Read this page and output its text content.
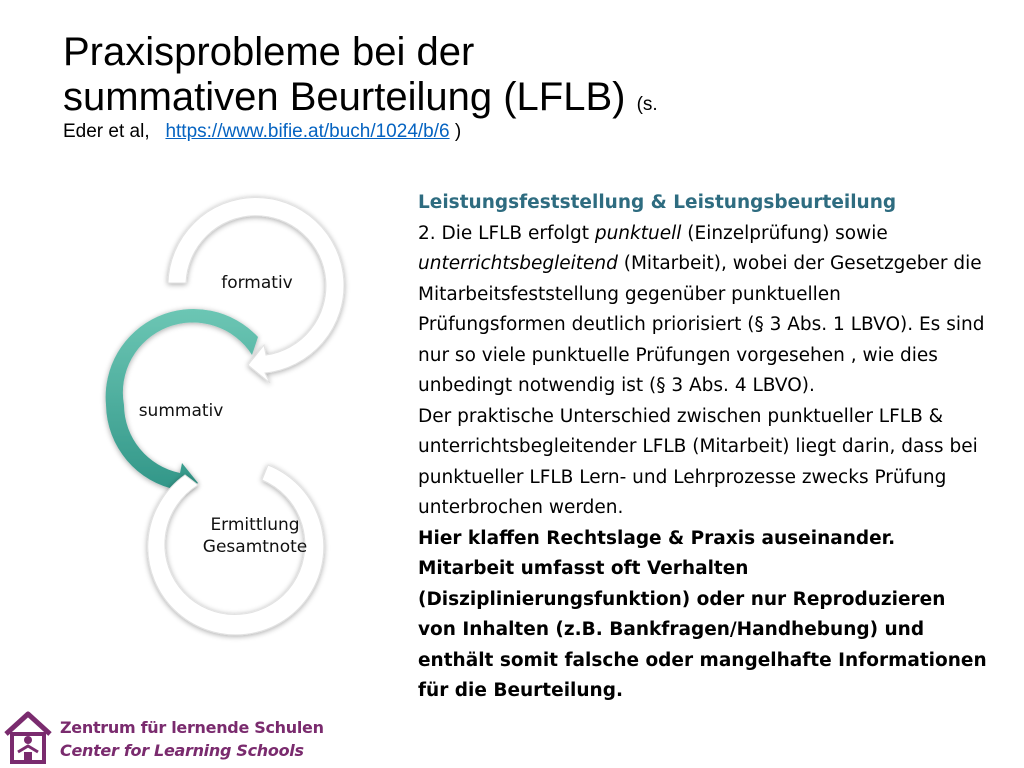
Praxisprobleme bei der
summativen Beurteilung (LFLB) (s.
Eder et al, https://www.bifie.at/buch/1024/b/6 )
formativ
summativ
Ermittlung Gesamtnote

Leistungsfeststellung & Leistungsbeurteilung

2. Die LFLB erfolgt punktuell (Einzelprüfung) sowie unterrichtsbegleitend (Mitarbeit), wobei der Gesetzgeber die Mitarbeitsfeststellung gegenüber punktuellen Prüfungsformen deutlich priorisiert (§ 3 Abs. 1 LBVO). Es sind nur so viele punktuelle Prüfungen vorgesehen , wie dies unbedingt notwendig ist (§ 3 Abs. 4 LBVO).

Der praktische Unterschied zwischen punktueller LFLB & unterrichtsbegleitender LFLB (Mitarbeit) liegt darin, dass bei punktueller LFLB Lern- und Lehrprozesse zwecks Prüfung unterbrochen werden.

Hier klaffen Rechtslage & Praxis auseinander. Mitarbeit umfasst oft Verhalten (Disziplinierungsfunktion) oder nur Reproduzieren von Inhalten (z.B. Bankfragen/Handhebung) und enthält somit falsche oder mangelhafte Informationen für die Beurteilung.

Zentrum für lernende Schulen
Center for Learning Schools
